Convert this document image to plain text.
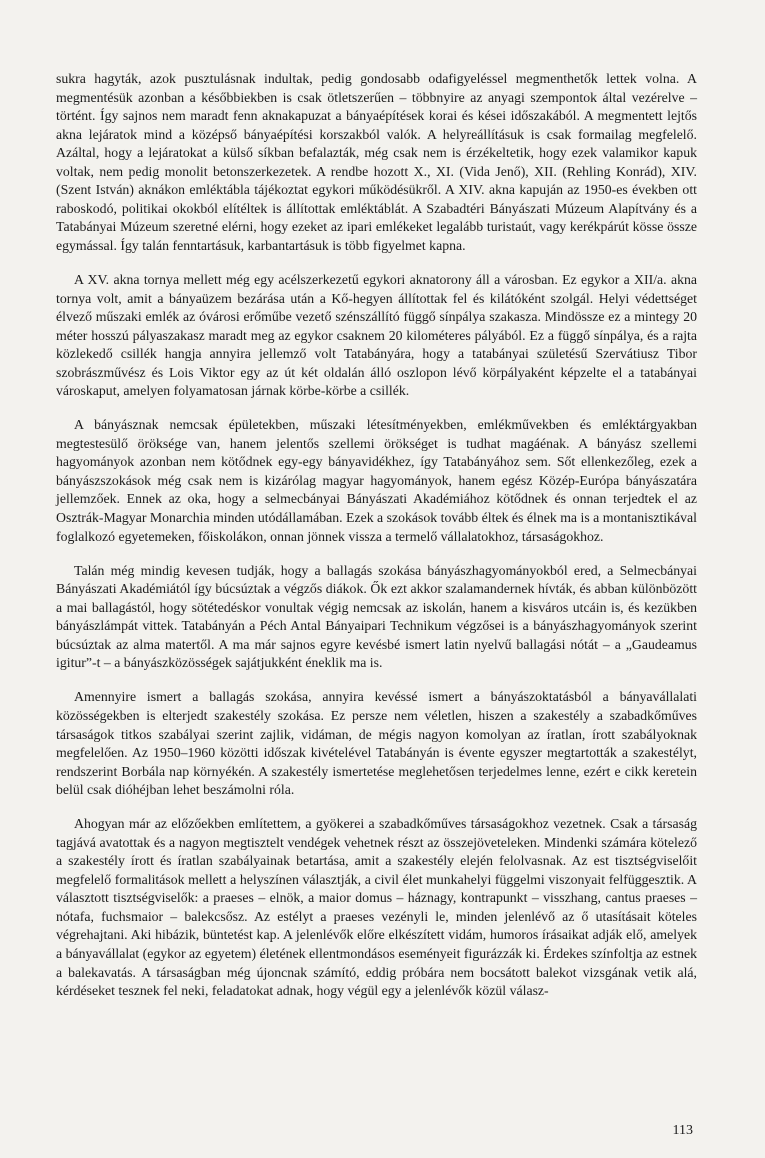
sukra hagyták, azok pusztulásnak indultak, pedig gondosabb odafigyeléssel megmenthetők lettek volna. A megmentésük azonban a későbbiekben is csak ötletszerűen – többnyire az anyagi szempontok által vezérelve – történt. Így sajnos nem maradt fenn aknakapuzat a bányaépítések korai és kései időszakából. A megmentett lejtős akna lejáratok mind a középső bányaépítési korszakból valók. A helyreállításuk is csak formailag megfelelő. Azáltal, hogy a lejáratokat a külső síkban befalazták, még csak nem is érzékeltetik, hogy ezek valamikor kapuk voltak, nem pedig monolit betonszerkezetek. A rendbe hozott X., XI. (Vida Jenő), XII. (Rehling Konrád), XIV. (Szent István) aknákon emléktábla tájékoztat egykori működésükről. A XIV. akna kapuján az 1950-es években ott raboskodó, politikai okokból elítéltek is állítottak emléktáblát. A Szabadtéri Bányászati Múzeum Alapítvány és a Tatabányai Múzeum szeretné elérni, hogy ezeket az ipari emlékeket legalább turistaút, vagy kerékpárút kösse össze egymással. Így talán fenntartásuk, karbantartásuk is több figyelmet kapna.

A XV. akna tornya mellett még egy acélszerkezetű egykori aknatorony áll a városban. Ez egykor a XII/a. akna tornya volt, amit a bányaüzem bezárása után a Kő-hegyen állítottak fel és kilátóként szolgál. Helyi védettséget élvező műszaki emlék az óvárosi erőműbe vezető szénszállító függő sínpálya szakasza. Mindössze ez a mintegy 20 méter hosszú pályaszakasz maradt meg az egykor csaknem 20 kilométeres pályából. Ez a függő sínpálya, és a rajta közlekedő csillék hangja annyira jellemző volt Tatabányára, hogy a tatabányai születésű Szervátiusz Tibor szobrászművész és Lois Viktor egy az út két oldalán álló oszlopon lévő körpályaként képzelte el a tatabányai városkaput, amelyen folyamatosan járnak körbe-körbe a csillék.

A bányásznak nemcsak épületekben, műszaki létesítményekben, emlékművekben és emléktárgyakban megtestesülő öröksége van, hanem jelentős szellemi örökséget is tudhat magáénak. A bányász szellemi hagyományok azonban nem kötődnek egy-egy bányavidékhez, így Tatabányához sem. Sőt ellenkezőleg, ezek a bányászszokások még csak nem is kizárólag magyar hagyományok, hanem egész Közép-Európa bányászatára jellemzőek. Ennek az oka, hogy a selmecbányai Bányászati Akadémiához kötődnek és onnan terjedtek el az Osztrák-Magyar Monarchia minden utódállamában. Ezek a szokások tovább éltek és élnek ma is a montanisztikával foglalkozó egyetemeken, főiskolákon, onnan jönnek vissza a termelő vállalatokhoz, társaságokhoz.

Talán még mindig kevesen tudják, hogy a ballagás szokása bányászhagyományokból ered, a Selmecbányai Bányászati Akadémiától így búcsúztak a végzős diákok. Ők ezt akkor szalamandernek hívták, és abban különbözött a mai ballagástól, hogy sötétedéskor vonultak végig nemcsak az iskolán, hanem a kisváros utcáin is, és kezükben bányászlámpát vittek. Tatabányán a Péch Antal Bányaipari Technikum végzősei is a bányászhagyományok szerint búcsúztak az alma matertől. A ma már sajnos egyre kevésbé ismert latin nyelvű ballagási nótát – a „Gaudeamus igitur”-t – a bányászközösségek sajátjukként éneklik ma is.

Amennyire ismert a ballagás szokása, annyira kevéssé ismert a bányászoktatásból a bányavállalati közösségekben is elterjedt szakestély szokása. Ez persze nem véletlen, hiszen a szakestély a szabadkőműves társaságok titkos szabályai szerint zajlik, vidáman, de mégis nagyon komolyan az íratlan, írott szabályoknak megfelelően. Az 1950–1960 közötti időszak kivételével Tatabányán is évente egyszer megtartották a szakestélyt, rendszerint Borbála nap környékén. A szakestély ismertetése meglehetősen terjedelmes lenne, ezért e cikk keretein belül csak dióhéjban lehet beszámolni róla.

Ahogyan már az előzőekben említettem, a gyökerei a szabadkőműves társaságokhoz vezetnek. Csak a társaság tagjává avatottak és a nagyon megtisztelt vendégek vehetnek részt az összejöveteleken. Mindenki számára kötelező a szakestély írott és íratlan szabályainak betartása, amit a szakestély elején felolvasnak. Az est tisztségviselőit megfelelő formalitások mellett a helyszínen választják, a civil élet munkahelyi függelmi viszonyait felfüggesztik. A választott tisztségviselők: a praeses – elnök, a maior domus – háznagy, kontrapunkt – visszhang, cantus praeses – nótafa, fuchsmaior – balekcsősz. Az estélyt a praeses vezényli le, minden jelenlévő az ő utasításait köteles végrehajtani. Aki hibázik, büntetést kap. A jelenlévők előre elkészített vidám, humoros írásaikat adják elő, amelyek a bányavállalat (egykor az egyetem) életének ellentmondásos eseményeit figurázzák ki. Érdekes színfoltja az estnek a balekavatás. A társaságban még újoncnak számító, eddig próbára nem bocsátott balekot vizsgának vetik alá, kérdéseket tesznek fel neki, feladatokat adnak, hogy végül egy a jelenlévők közül válasz-

113
